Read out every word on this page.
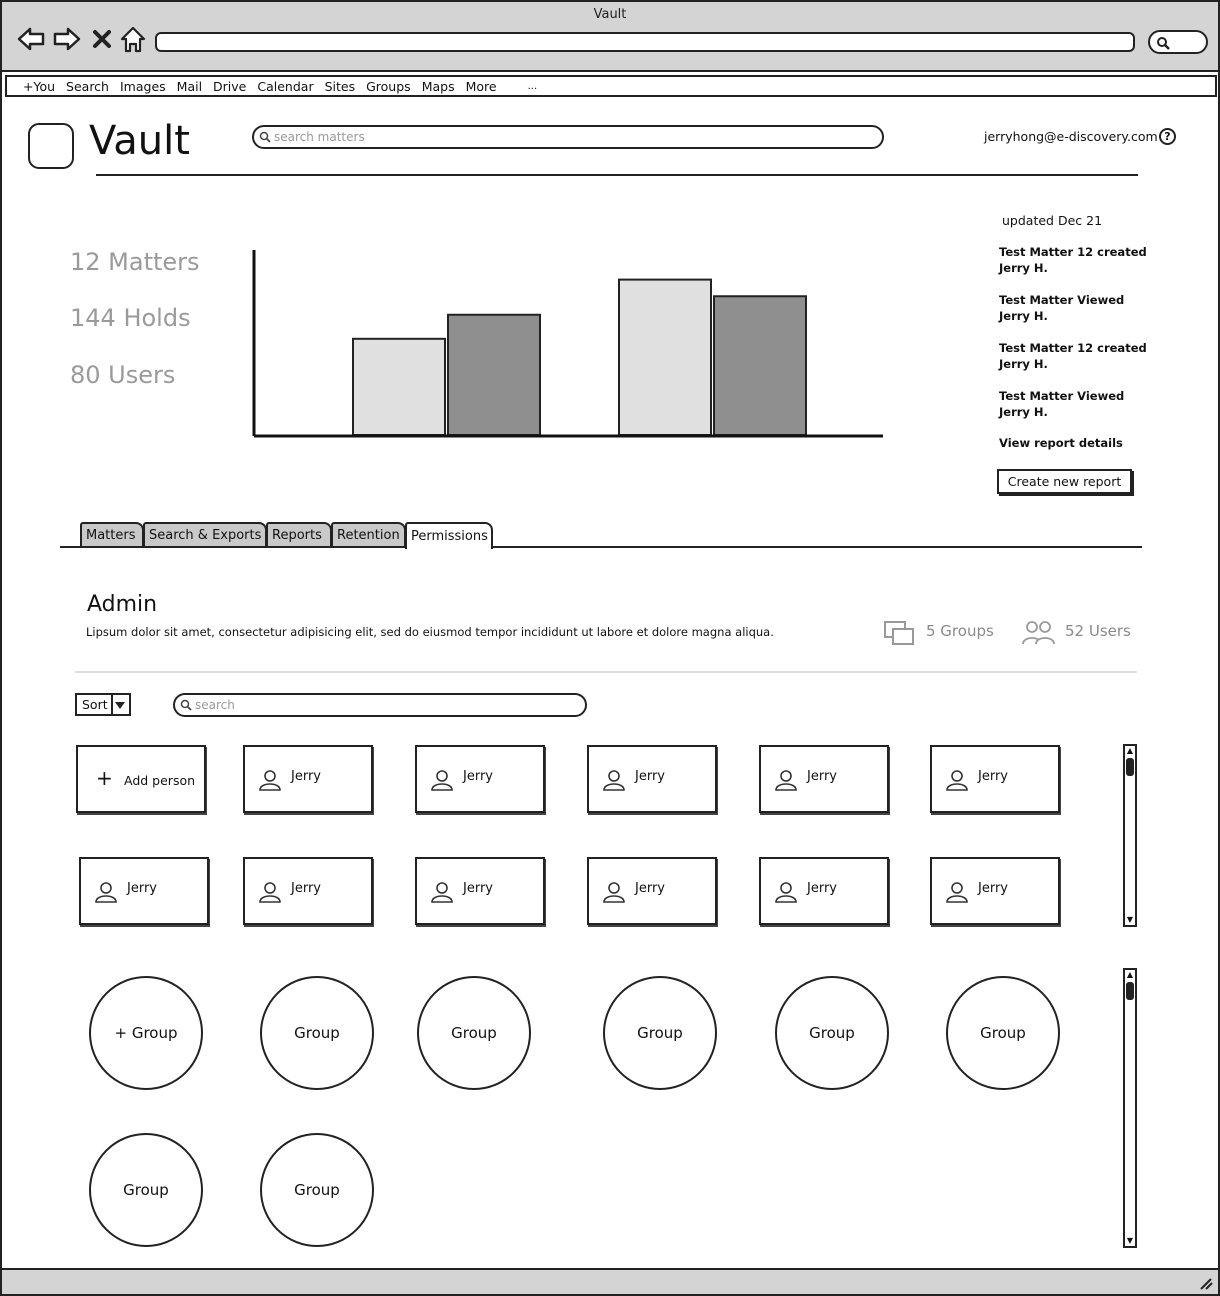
Vault
+You Search Images Mail Drive Calendar Sites Groups Maps More	...
Vault	search matters	jerryhong@e-discovery.com ?
12 Matters
144 Holds
80 Users
updated Dec 21
Test Matter 12 created
Jerry H.
Test Matter Viewed
Jerry H.
Test Matter 12 created
Jerry H.
Test Matter Viewed
Jerry H.
View report details
Create new report
Matters	Search & Exports Reports	Retention Permissions
Admin
Lipsum dolor sit amet, consectetur adipisicing elit, sed do eiusmod tempor incididunt ut labore et dolore magna aliqua.	5 Groups	52 Users
Sort	search
+ Add person	Jerry	Jerry	Jerry	Jerry	Jerry
Jerry	Jerry	Jerry	Jerry	Jerry	Jerry
▲
▼
+ Group	Group	Group	Group	Group	Group
Group	Group
▲
▼
